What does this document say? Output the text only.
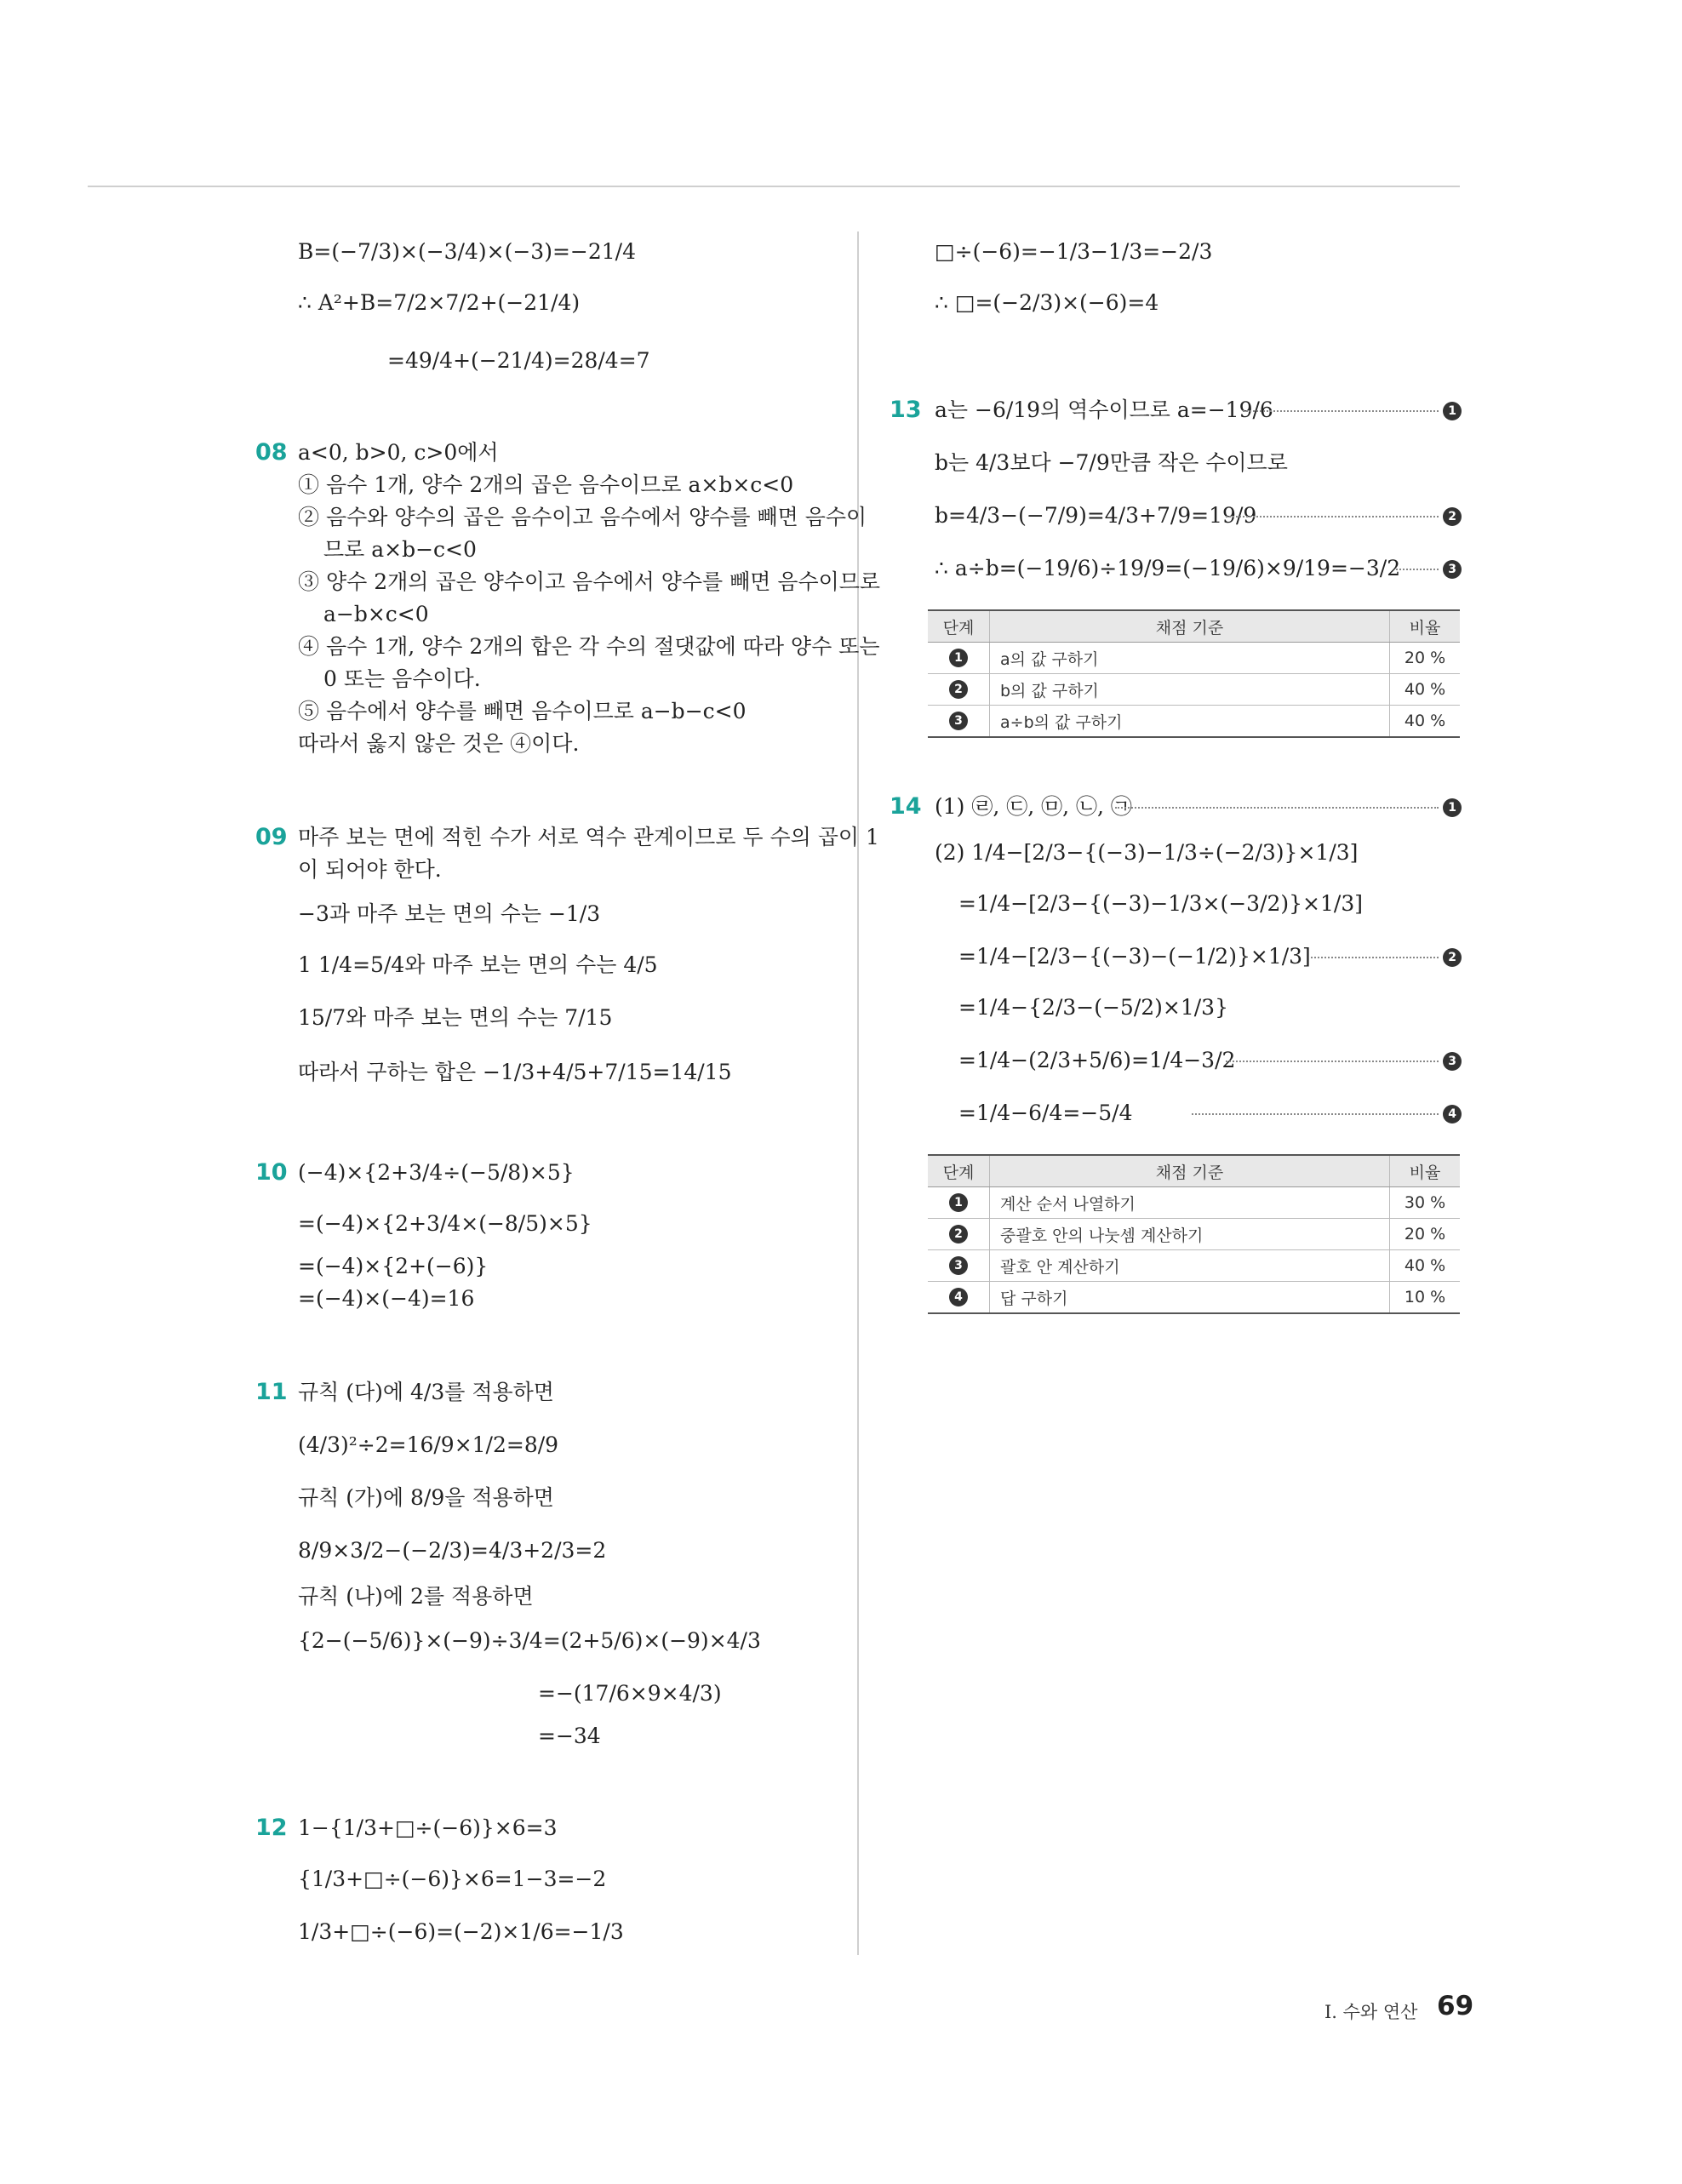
B=(−7/3)×(−3/4)×(−3)=−21/4
∴ A²+B=7/2×7/2+(−21/4)
=49/4+(−21/4)=28/4=7
08 a<0, b>0, c>0에서
① 음수 1개, 양수 2개의 곱은 음수이므로 a×b×c<0
② 음수와 양수의 곱은 음수이고 음수에서 양수를 빼면 음수이
므로 a×b−c<0
③ 양수 2개의 곱은 양수이고 음수에서 양수를 빼면 음수이므로
a−b×c<0
④ 음수 1개, 양수 2개의 합은 각 수의 절댓값에 따라 양수 또는
0 또는 음수이다.
⑤ 음수에서 양수를 빼면 음수이므로 a−b−c<0
따라서 옳지 않은 것은 ④이다.
09 마주 보는 면에 적힌 수가 서로 역수 관계이므로 두 수의 곱이 1
이 되어야 한다.
−3과 마주 보는 면의 수는 −1/3
1 1/4=5/4와 마주 보는 면의 수는 4/5
15/7와 마주 보는 면의 수는 7/15
따라서 구하는 합은 −1/3+4/5+7/15=14/15
10 (−4)×{2+3/4÷(−5/8)×5}
=(−4)×{2+3/4×(−8/5)×5}
=(−4)×{2+(−6)}
=(−4)×(−4)=16
11 규칙 (다)에 4/3를 적용하면
(4/3)²÷2=16/9×1/2=8/9
규칙 (가)에 8/9을 적용하면
8/9×3/2−(−2/3)=4/3+2/3=2
규칙 (나)에 2를 적용하면
{2−(−5/6)}×(−9)÷3/4=(2+5/6)×(−9)×4/3
=−(17/6×9×4/3)
=−34
12 1−{1/3+□÷(−6)}×6=3
{1/3+□÷(−6)}×6=1−3=−2
1/3+□÷(−6)=(−2)×1/6=−1/3
□÷(−6)=−1/3−1/3=−2/3
∴ □=(−2/3)×(−6)=4
13 a는 −6/19의 역수이므로 a=−19/6
b는 4/3보다 −7/9만큼 작은 수이므로
b=4/3−(−7/9)=4/3+7/9=19/9
∴ a÷b=(−19/6)÷19/9=(−19/6)×9/19=−3/2
1
2
3
단계	채점 기준	비율
1	a의 값 구하기	20 %
2	b의 값 구하기	40 %
3	a÷b의 값 구하기	40 %
14 (1) ㉣, ㉢, ㉤, ㉡, ㉠
(2) 1/4−[2/3−{(−3)−1/3÷(−2/3)}×1/3]
=1/4−[2/3−{(−3)−1/3×(−3/2)}×1/3]
=1/4−[2/3−{(−3)−(−1/2)}×1/3]
=1/4−{2/3−(−5/2)×1/3}
=1/4−(2/3+5/6)=1/4−3/2
=1/4−6/4=−5/4
1
2
3
4
단계	채점 기준	비율
1	계산 순서 나열하기	30 %
2	중괄호 안의 나눗셈 계산하기	20 %
3	괄호 안 계산하기	40 %
4	답 구하기	10 %
I. 수와 연산 69
